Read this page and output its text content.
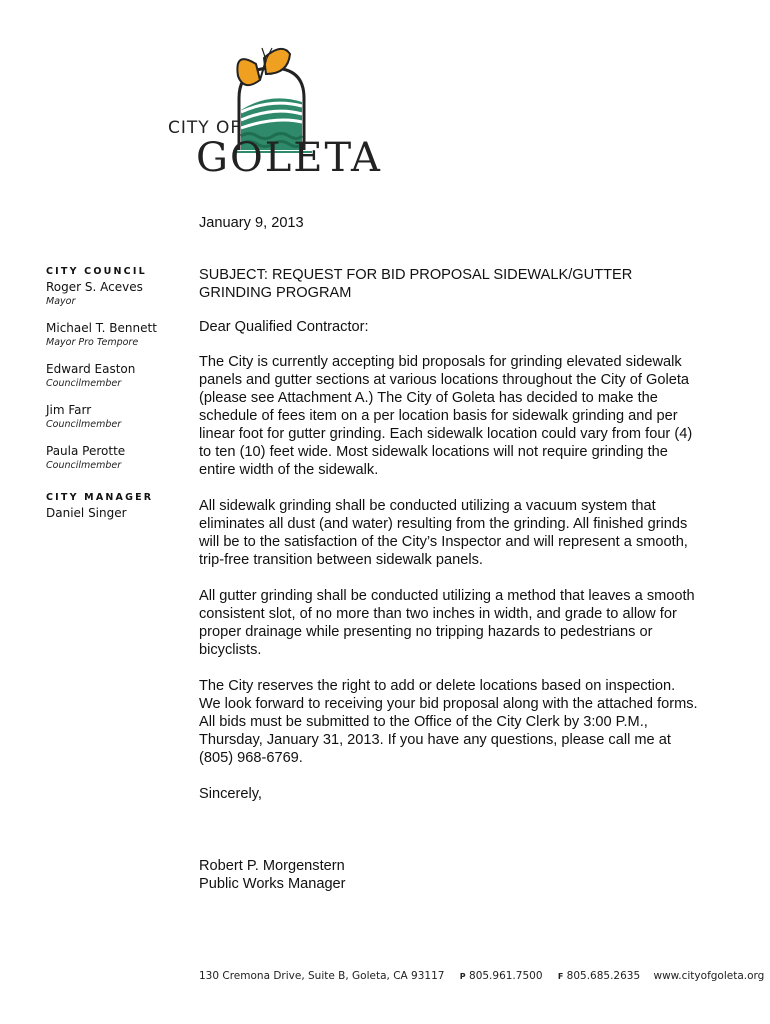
CITY OF
GOLETA

CITY COUNCIL

Roger S. Aceves
Mayor
Michael T. Bennett
Mayor Pro Tempore
Edward Easton
Councilmember
Jim Farr
Councilmember
Paula Perotte
Councilmember

CITY MANAGER

Daniel Singer

January 9, 2013

SUBJECT: REQUEST FOR BID PROPOSAL SIDEWALK/GUTTER GRINDING PROGRAM

Dear Qualified Contractor:

The City is currently accepting bid proposals for grinding elevated sidewalk panels and gutter sections at various locations throughout the City of Goleta (please see Attachment A.) The City of Goleta has decided to make the schedule of fees item on a per location basis for sidewalk grinding and per linear foot for gutter grinding. Each sidewalk location could vary from four (4) to ten (10) feet wide. Most sidewalk locations will not require grinding the entire width of the sidewalk.

All sidewalk grinding shall be conducted utilizing a vacuum system that eliminates all dust (and water) resulting from the grinding. All finished grinds will be to the satisfaction of the City’s Inspector and will represent a smooth, trip-free transition between sidewalk panels.

All gutter grinding shall be conducted utilizing a method that leaves a smooth consistent slot, of no more than two inches in width, and grade to allow for proper drainage while presenting no tripping hazards to pedestrians or bicyclists.

The City reserves the right to add or delete locations based on inspection. We look forward to receiving your bid proposal along with the attached forms. All bids must be submitted to the Office of the City Clerk by 3:00 P.M., Thursday, January 31, 2013. If you have any questions, please call me at (805) 968-6769.

Sincerely,

Robert P. Morgenstern

Public Works Manager

130 Cremona Drive, Suite B, Goleta, CA 93117 P 805.961.7500 F 805.685.2635 www.cityofgoleta.org
